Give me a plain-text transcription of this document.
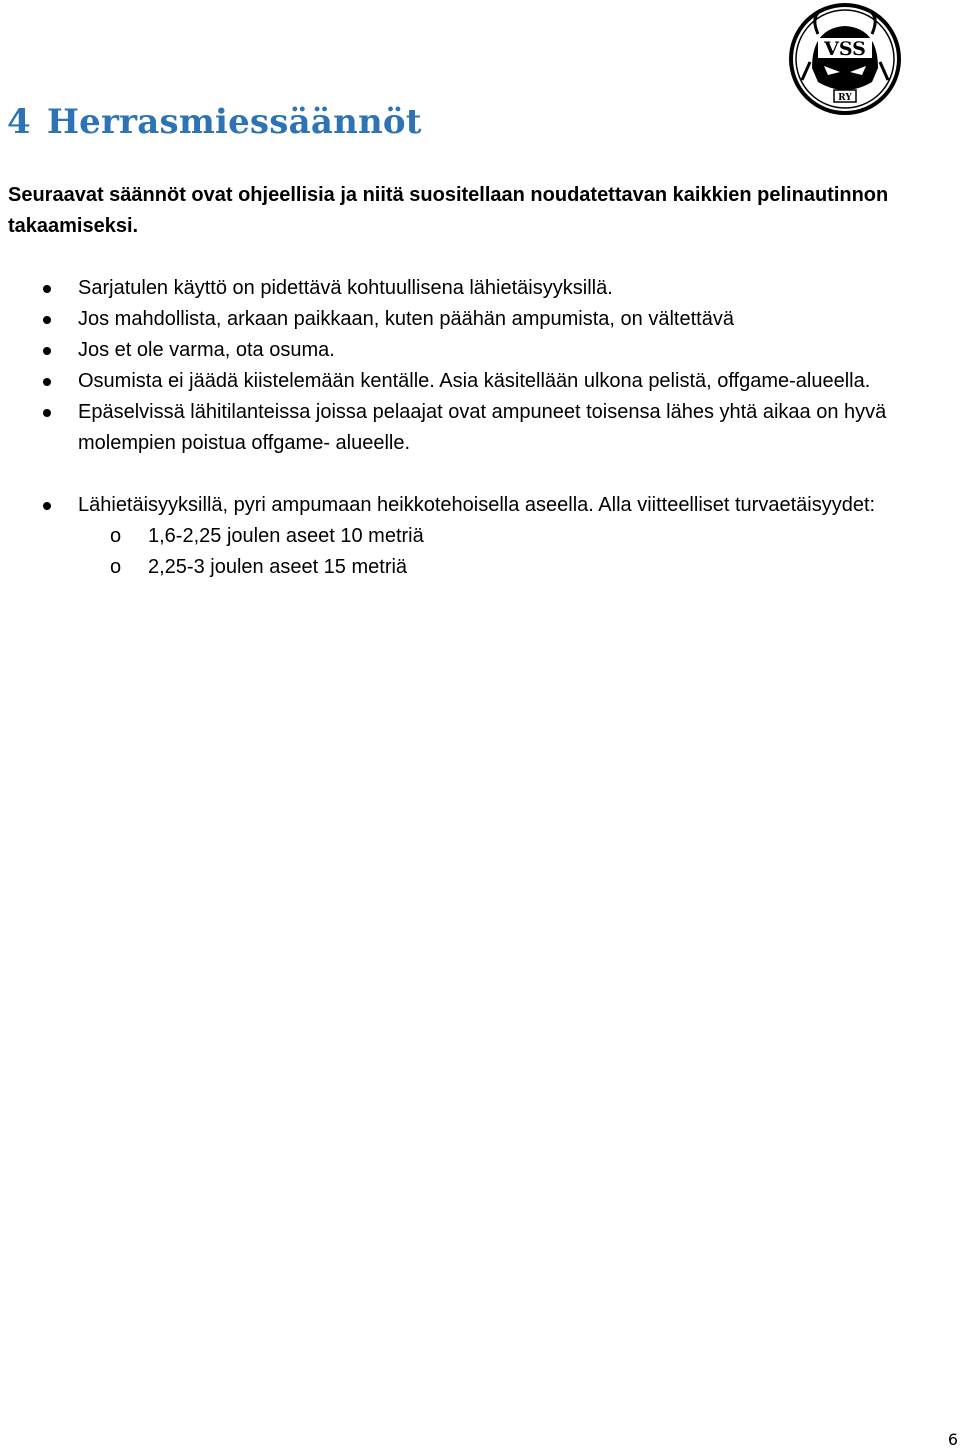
VSS
RY
4 Herrasmiessäännöt

Seuraavat säännöt ovat ohjeellisia ja niitä suositellaan noudatettavan kaikkien pelinautinnon takaamiseksi.

Sarjatulen käyttö on pidettävä kohtuullisena lähietäisyyksillä.
Jos mahdollista, arkaan paikkaan, kuten päähän ampumista, on vältettävä
Jos et ole varma, ota osuma.
Osumista ei jäädä kiistelemään kentälle. Asia käsitellään ulkona pelistä, offgame-alueella.
Epäselvissä lähitilanteissa joissa pelaajat ovat ampuneet toisensa lähes yhtä aikaa on hyvä molempien poistua offgame- alueelle.
Lähietäisyyksillä, pyri ampumaan heikkotehoisella aseella. Alla viitteelliset turvaetäisyydet:
o 1,6-2,25 joulen aseet 10 metriä
o 2,25-3 joulen aseet 15 metriä
6
